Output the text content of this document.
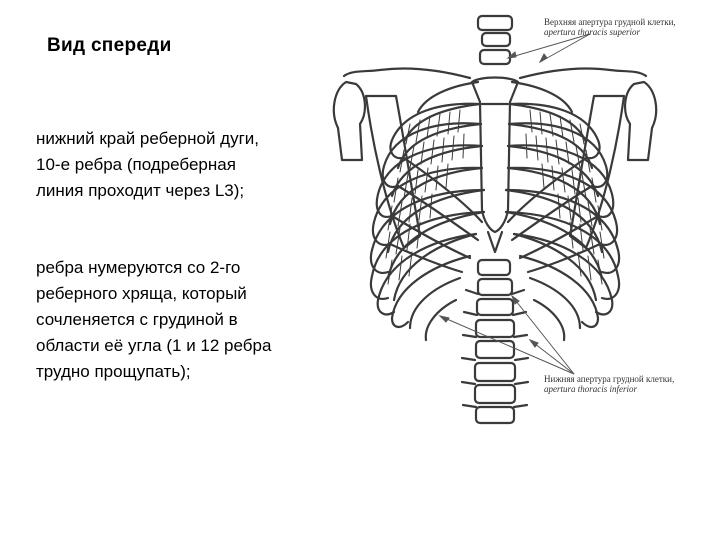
Вид спереди
нижний край реберной дуги, 10-е ребра (подреберная линия проходит через L3);
ребра нумеруются со 2-го реберного хряща, который сочленяется с грудиной в области её угла (1 и 12 ребра трудно прощупать);
Верхняя апертура грудной клетки,
apertura thoracis superior
Нижняя апертура грудной клетки,
apertura thoracis inferior
